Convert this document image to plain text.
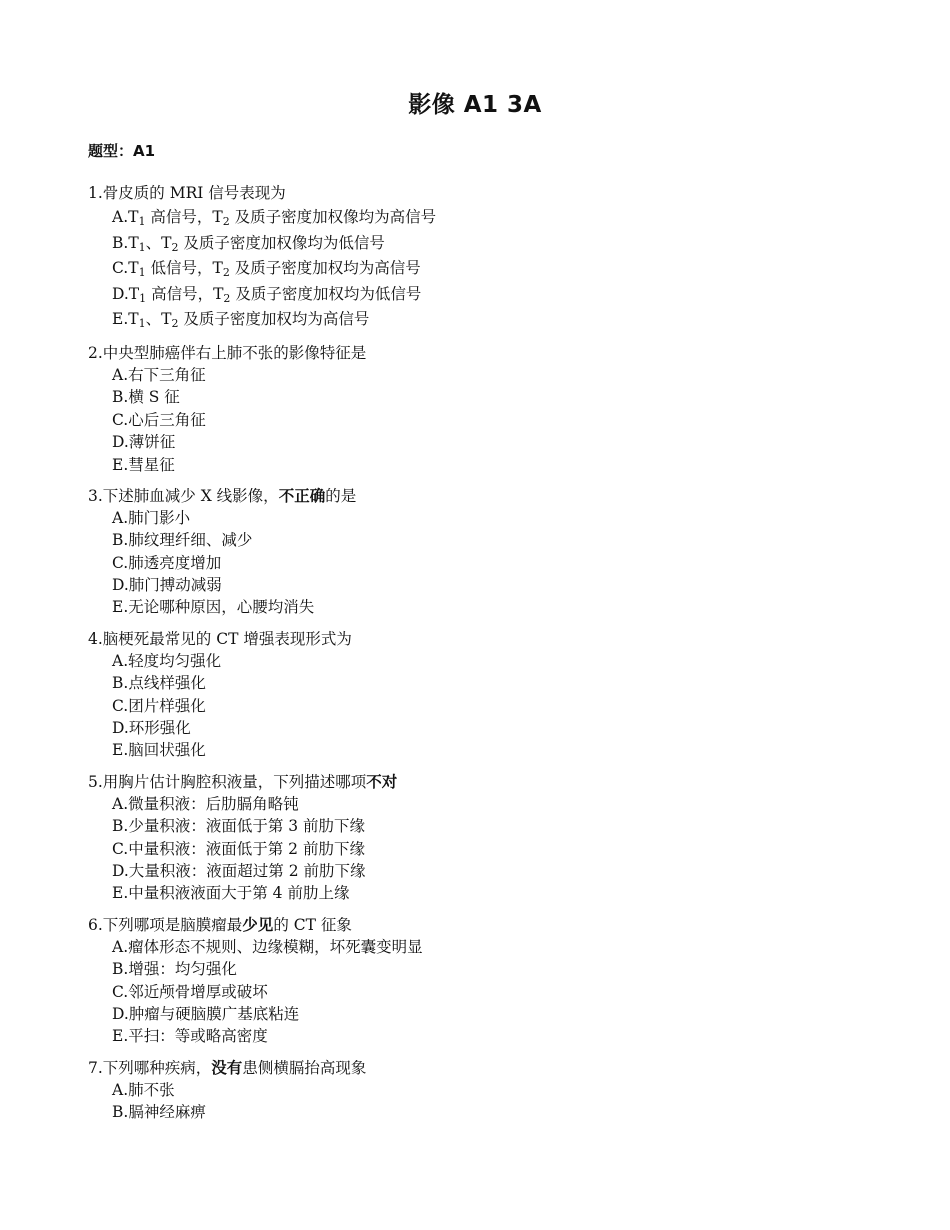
影像 A1 3A
题型：A1
1.骨皮质的 MRI 信号表现为
$A.T_1$ 高信号，$T_2$ 及质子密度加权像均为高信号
$B.T_1$、$T_2$ 及质子密度加权像均为低信号
$C.T_1$ 低信号，$T_2$ 及质子密度加权均为高信号
$D.T_1$ 高信号，$T_2$ 及质子密度加权均为低信号
$E.T_1$、$T_2$ 及质子密度加权均为高信号
2.中央型肺癌伴右上肺不张的影像特征是
A.右下三角征
B.横 S 征
C.心后三角征
D.薄饼征
E.彗星征
3.下述肺血减少 X 线影像，不正确的是
A.肺门影小
B.肺纹理纤细、减少
C.肺透亮度增加
D.肺门搏动减弱
E.无论哪种原因，心腰均消失
4.脑梗死最常见的 CT 增强表现形式为
A.轻度均匀强化
B.点线样强化
C.团片样强化
D.环形强化
E.脑回状强化
5.用胸片估计胸腔积液量，下列描述哪项不对
A.微量积液：后肋膈角略钝
B.少量积液：液面低于第 3 前肋下缘
C.中量积液：液面低于第 2 前肋下缘
D.大量积液：液面超过第 2 前肋下缘
E.中量积液液面大于第 4 前肋上缘
6.下列哪项是脑膜瘤最少见的 CT 征象
A.瘤体形态不规则、边缘模糊，坏死囊变明显
B.增强：均匀强化
C.邻近颅骨增厚或破坏
D.肿瘤与硬脑膜广基底粘连
E.平扫：等或略高密度
7.下列哪种疾病，没有患侧横膈抬高现象
A.肺不张
B.膈神经麻痹
